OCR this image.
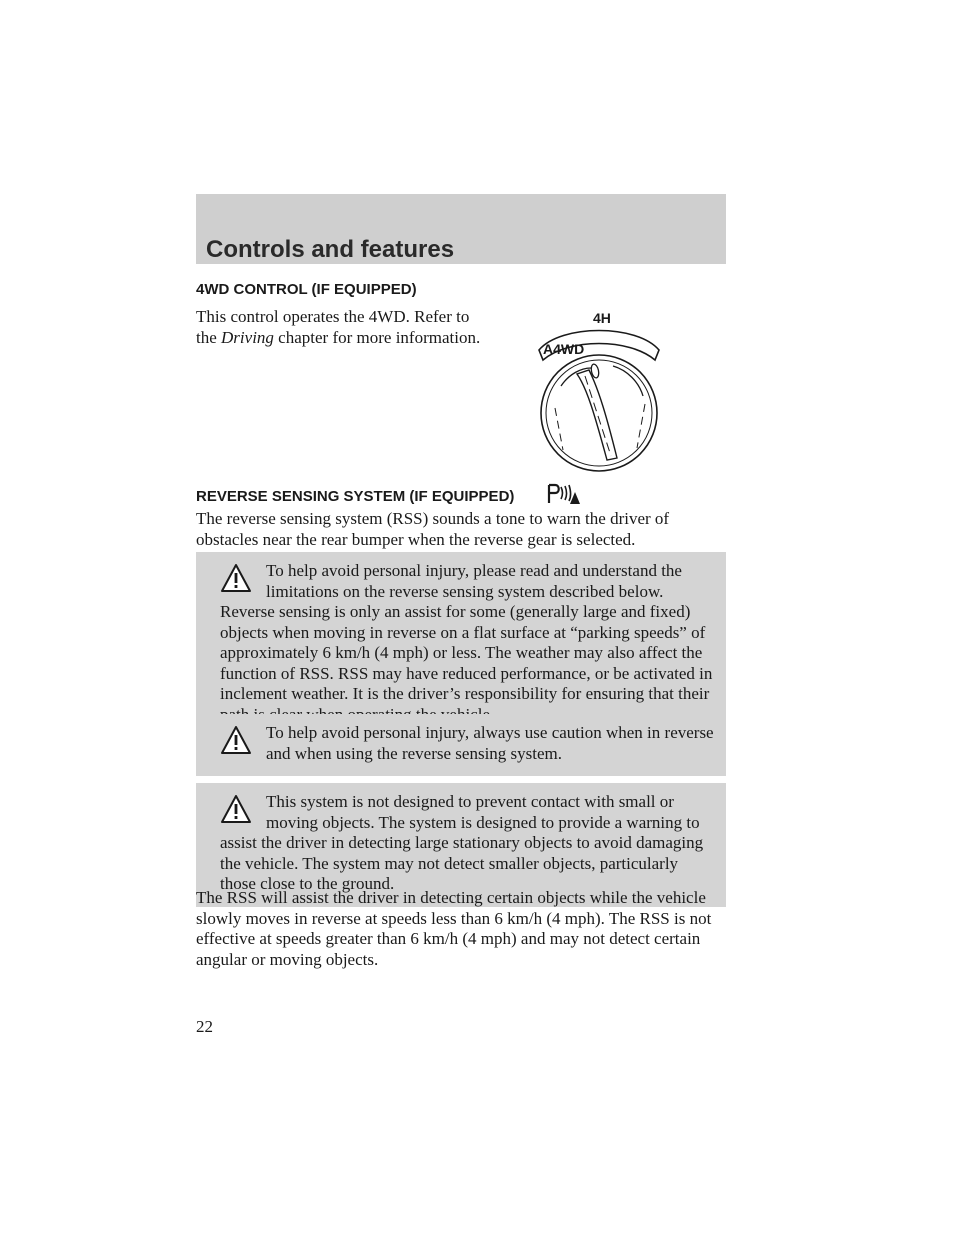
Controls and features
4WD CONTROL (IF EQUIPPED)
This control operates the 4WD. Refer to the Driving chapter for more information.
A4WD
4H
REVERSE SENSING SYSTEM (IF EQUIPPED)
The reverse sensing system (RSS) sounds a tone to warn the driver of obstacles near the rear bumper when the reverse gear is selected.
To help avoid personal injury, please read and understand the limitations on the reverse sensing system described below. Reverse sensing is only an assist for some (generally large and fixed) objects when moving in reverse on a flat surface at “parking speeds” of approximately 6 km/h (4 mph) or less. The weather may also affect the function of RSS. RSS may have reduced performance, or be activated in inclement weather. It is the driver’s responsibility for ensuring that their
To help avoid personal injury, always use caution when in reverse and when using the reverse sensing system.
This system is not designed to prevent contact with small or moving objects. The system is designed to provide a warning to assist the driver in detecting large stationary objects to avoid damaging the vehicle. The system may not detect smaller objects, particularly those close to the ground.
The RSS will assist the driver in detecting certain objects while the vehicle slowly moves in reverse at speeds less than 6 km/h (4 mph). The RSS is not effective at speeds greater than 6 km/h (4 mph) and may not detect certain angular or moving objects.
22
